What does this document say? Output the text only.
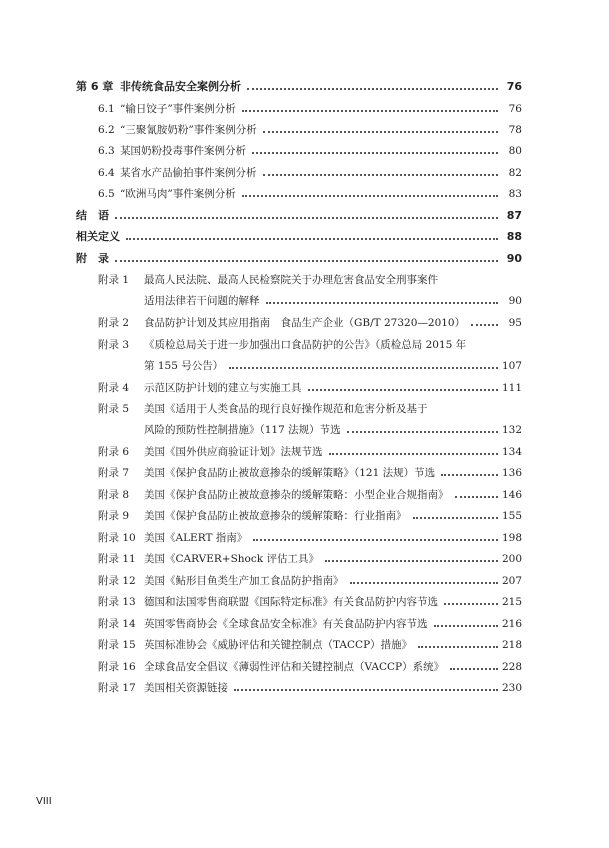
第 6 章 非传统食品安全案例分析	76
6.1 “输日饺子”事件案例分析	76
6.2 “三聚氰胺奶粉”事件案例分析	78
6.3 某国奶粉投毒事件案例分析	80
6.4 某省水产品偷拍事件案例分析	82
6.5 “欧洲马肉”事件案例分析	83
结　语	87
相关定义	88
附　录	90
附录 1	最高人民法院、最高人民检察院关于办理危害食品安全刑事案件
适用法律若干问题的解释	90
附录 2	食品防护计划及其应用指南　食品生产企业（GB/T 27320—2010）	95
附录 3	《质检总局关于进一步加强出口食品防护的公告》（质检总局 2015 年
第 155 号公告）	107
附录 4	示范区防护计划的建立与实施工具	111
附录 5	美国《适用于人类食品的现行良好操作规范和危害分析及基于
风险的预防性控制措施》（117 法规）节选	132
附录 6	美国《国外供应商验证计划》法规节选	134
附录 7	美国《保护食品防止被故意掺杂的缓解策略》（121 法规）节选	136
附录 8	美国《保护食品防止被故意掺杂的缓解策略：小型企业合规指南》	146
附录 9	美国《保护食品防止被故意掺杂的缓解策略：行业指南》	155
附录 10 美国《ALERT 指南》	198
附录 11 美国《CARVER+Shock 评估工具》	200
附录 12 美国《鲇形目鱼类生产加工食品防护指南》	207
附录 13 德国和法国零售商联盟《国际特定标准》有关食品防护内容节选	215
附录 14 英国零售商协会《全球食品安全标准》有关食品防护内容节选	216
附录 15 英国标准协会《威胁评估和关键控制点（TACCP）措施》	218
附录 16 全球食品安全倡议《薄弱性评估和关键控制点（VACCP）系统》	228
附录 17 美国相关资源链接	230
VIII
